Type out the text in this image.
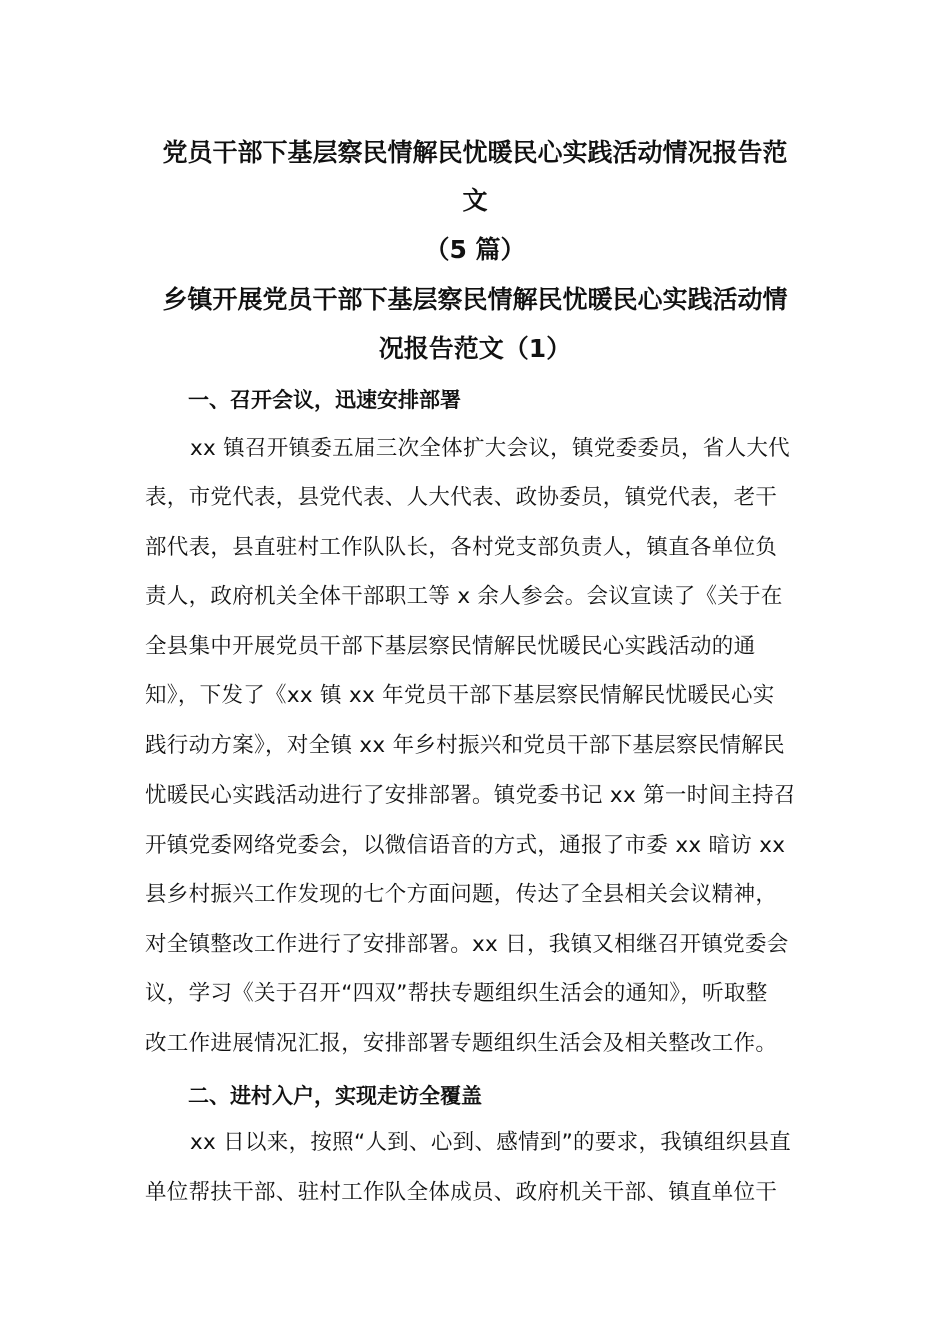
党员干部下基层察民情解民忧暖民心实践活动情况报告范
文
（5 篇）
乡镇开展党员干部下基层察民情解民忧暖民心实践活动情
况报告范文（1）
一、召开会议，迅速安排部署
xx 镇召开镇委五届三次全体扩大会议，镇党委委员，省人大代
表，市党代表，县党代表、人大代表、政协委员，镇党代表，老干
部代表，县直驻村工作队队长，各村党支部负责人，镇直各单位负
责人，政府机关全体干部职工等 x 余人参会。会议宣读了《关于在
全县集中开展党员干部下基层察民情解民忧暖民心实践活动的通
知》，下发了《xx 镇 xx 年党员干部下基层察民情解民忧暖民心实
践行动方案》，对全镇 xx 年乡村振兴和党员干部下基层察民情解民
忧暖民心实践活动进行了安排部署。镇党委书记 xx 第一时间主持召
开镇党委网络党委会，以微信语音的方式，通报了市委 xx 暗访 xx
县乡村振兴工作发现的七个方面问题，传达了全县相关会议精神，
对全镇整改工作进行了安排部署。xx 日，我镇又相继召开镇党委会
议，学习《关于召开“四双”帮扶专题组织生活会的通知》，听取整
改工作进展情况汇报，安排部署专题组织生活会及相关整改工作。
二、进村入户，实现走访全覆盖
xx 日以来，按照“人到、心到、感情到”的要求，我镇组织县直
单位帮扶干部、驻村工作队全体成员、政府机关干部、镇直单位干
